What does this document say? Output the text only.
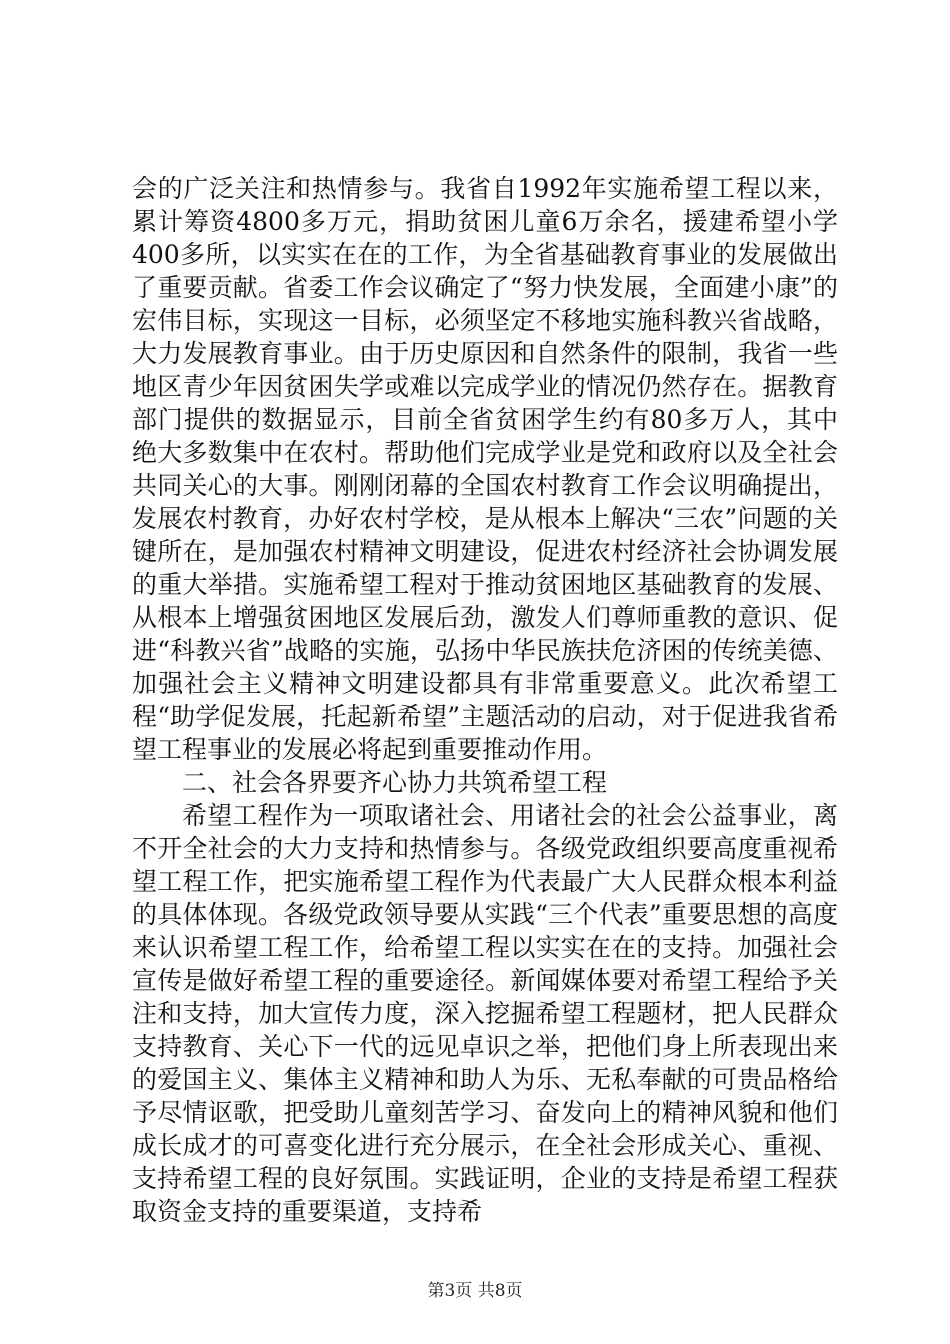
会的广泛关注和热情参与。我省自1992年实施希望工程以来，累计筹资4800多万元，捐助贫困儿童6万余名，援建希望小学400多所，以实实在在的工作，为全省基础教育事业的发展做出了重要贡献。省委工作会议确定了“努力快发展，全面建小康”的宏伟目标，实现这一目标，必须坚定不移地实施科教兴省战略，大力发展教育事业。由于历史原因和自然条件的限制，我省一些地区青少年因贫困失学或难以完成学业的情况仍然存在。据教育部门提供的数据显示，目前全省贫困学生约有80多万人，其中绝大多数集中在农村。帮助他们完成学业是党和政府以及全社会共同关心的大事。刚刚闭幕的全国农村教育工作会议明确提出，发展农村教育，办好农村学校，是从根本上解决“三农”问题的关键所在，是加强农村精神文明建设，促进农村经济社会协调发展的重大举措。实施希望工程对于推动贫困地区基础教育的发展、从根本上增强贫困地区发展后劲，激发人们尊师重教的意识、促进“科教兴省”战略的实施，弘扬中华民族扶危济困的传统美德、加强社会主义精神文明建设都具有非常重要意义。此次希望工程“助学促发展，托起新希望”主题活动的启动，对于促进我省希望工程事业的发展必将起到重要推动作用。

二、社会各界要齐心协力共筑希望工程

希望工程作为一项取诸社会、用诸社会的社会公益事业，离不开全社会的大力支持和热情参与。各级党政组织要高度重视希望工程工作，把实施希望工程作为代表最广大人民群众根本利益的具体体现。各级党政领导要从实践“三个代表”重要思想的高度来认识希望工程工作，给希望工程以实实在在的支持。加强社会宣传是做好希望工程的重要途径。新闻媒体要对希望工程给予关注和支持，加大宣传力度，深入挖掘希望工程题材，把人民群众支持教育、关心下一代的远见卓识之举，把他们身上所表现出来的爱国主义、集体主义精神和助人为乐、无私奉献的可贵品格给予尽情讴歌，把受助儿童刻苦学习、奋发向上的精神风貌和他们成长成才的可喜变化进行充分展示，在全社会形成关心、重视、支持希望工程的良好氛围。实践证明，企业的支持是希望工程获取资金支持的重要渠道，支持希

第3页 共8页
